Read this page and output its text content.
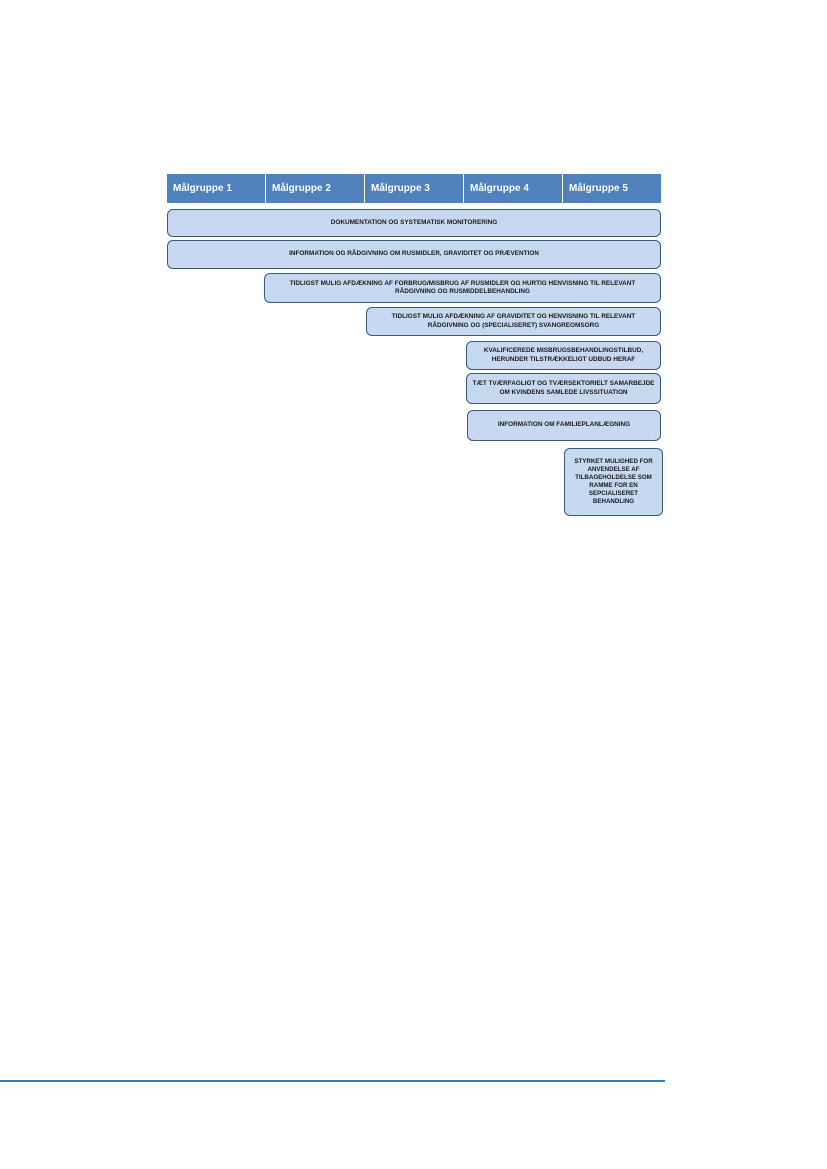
Målgruppe 1	Målgruppe 2	Målgruppe 3	Målgruppe 4	Målgruppe 5
DOKUMENTATION OG SYSTEMATISK MONITORERING
INFORMATION OG RÅDGIVNING OM RUSMIDLER, GRAVIDITET OG PRÆVENTION
TIDLIGST MULIG AFDÆKNING AF FORBRUG/MISBRUG AF RUSMIDLER OG HURTIG HENVISNING TIL RELEVANT RÅDGIVNING OG RUSMIDDELBEHANDLING
TIDLIGST MULIG AFDÆKNING AF GRAVIDITET OG HENVISNING TIL RELEVANT RÅDGIVNING OG (SPECIALISERET) SVANGREOMSORG
KVALIFICEREDE MISBRUGSBEHANDLINGSTILBUD, HERUNDER TILSTRÆKKELIGT UDBUD HERAF
TÆT TVÆRFAGLIGT OG TVÆRSEKTORIELT SAMARBEJDE OM KVINDENS SAMLEDE LIVSSITUATION
INFORMATION OM FAMILIEPLANLÆGNING
STYRKET MULIGHED FOR ANVENDELSE AF TILBAGEHOLDELSE SOM RAMME FOR EN SEPCIALISERET BEHANDLING
